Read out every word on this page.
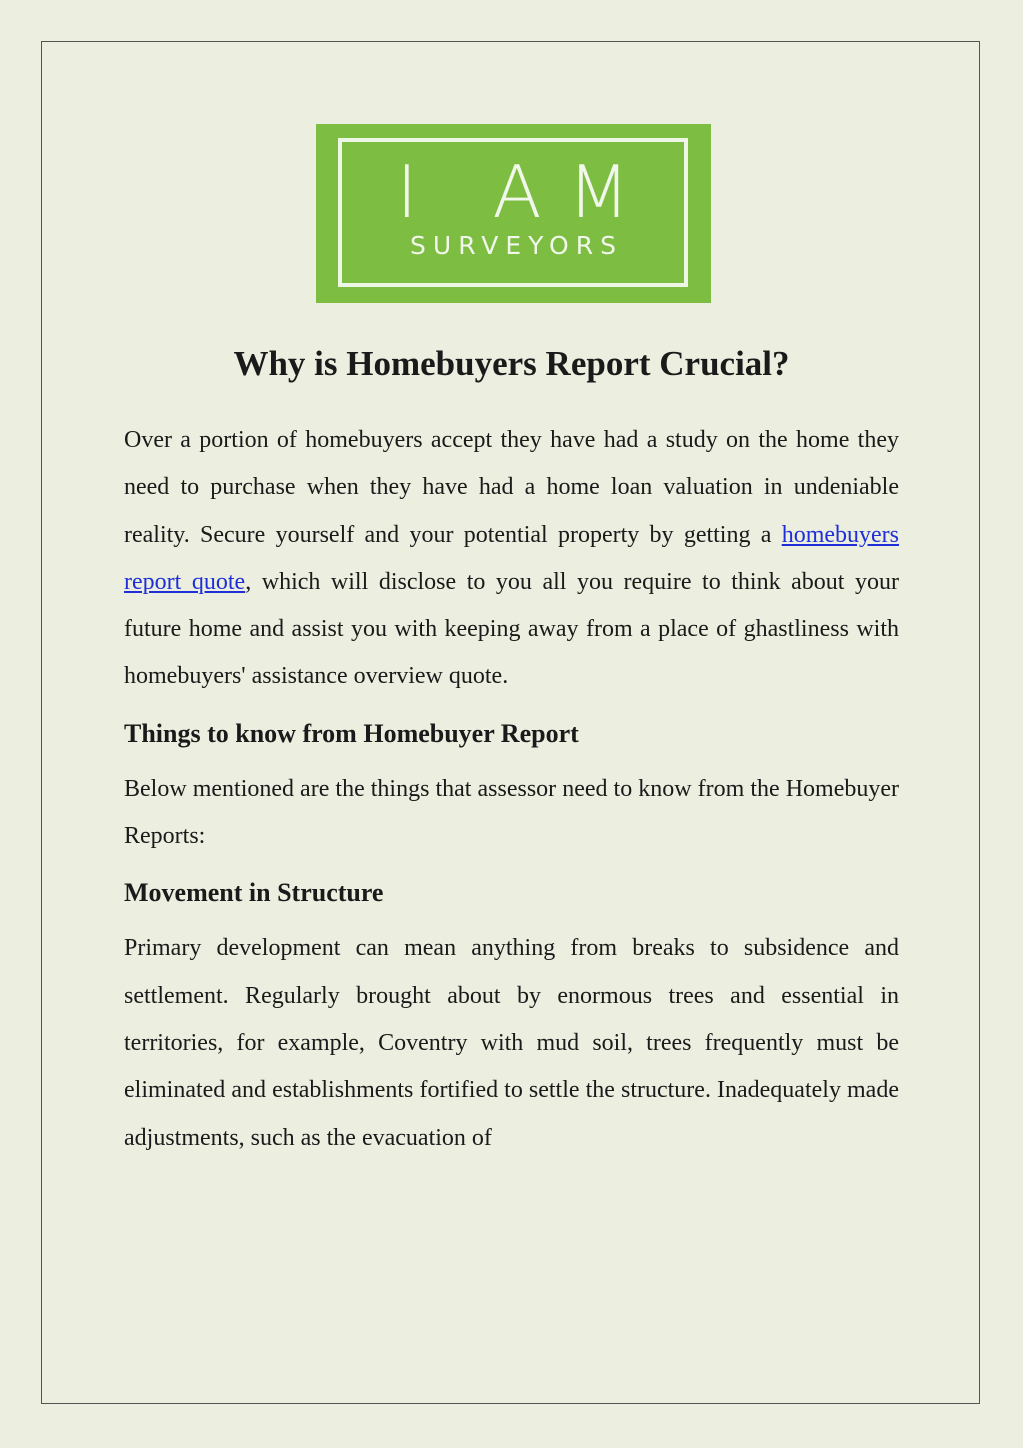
I AM
SURVEYORS
Why is Homebuyers Report Crucial?

Over a portion of homebuyers accept they have had a study on the home they need to purchase when they have had a home loan valuation in undeniable reality. Secure yourself and your potential property by getting a homebuyers report quote, which will disclose to you all you require to think about your future home and assist you with keeping away from a place of ghastliness with homebuyers' assistance overview quote.

Things to know from Homebuyer Report

Below mentioned are the things that assessor need to know from the Homebuyer Reports:

Movement in Structure

Primary development can mean anything from breaks to subsidence and settlement. Regularly brought about by enormous trees and essential in territories, for example, Coventry with mud soil, trees frequently must be eliminated and establishments fortified to settle the structure. Inadequately made adjustments, such as the evacuation of
